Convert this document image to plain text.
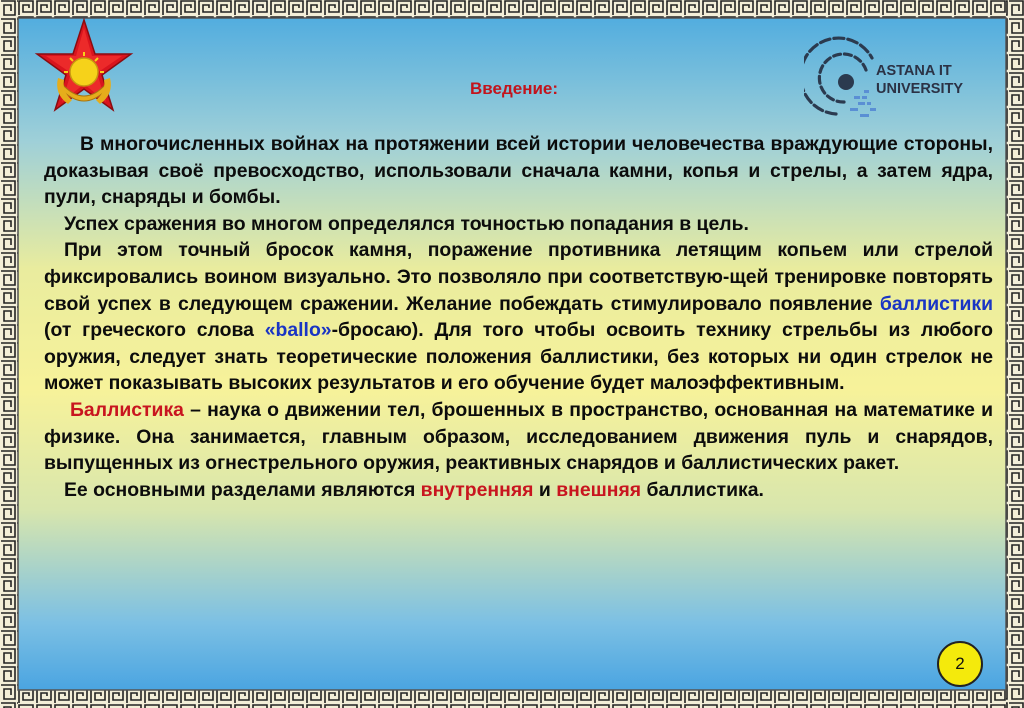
ASTANA IT
UNIVERSITY
Введение:

В многочисленных войнах на протяжении всей истории человечества враждующие стороны, доказывая своё превосходство, использовали сначала камни, копья и стрелы, а затем ядра, пули, снаряды и бомбы.

Успех сражения во многом определялся точностью попадания в цель.

При этом точный бросок камня, поражение противника летящим копьем или стрелой фиксировались воином визуально. Это позволяло при соответствую-щей тренировке повторять свой успех в следующем сражении. Желание побеждать стимулировало появление баллистики (от греческого слова «ballo»-бросаю). Для того чтобы освоить технику стрельбы из любого оружия, следует знать теоретические положения баллистики, без которых ни один стрелок не может показывать высоких результатов и его обучение будет малоэффективным.

Баллистика – наука о движении тел, брошенных в пространство, основанная на математике и физике. Она занимается, главным образом, исследованием движения пуль и снарядов, выпущенных из огнестрельного оружия, реактивных снарядов и баллистических ракет.

Ее основными разделами являются внутренняя и внешняя баллистика.

2
